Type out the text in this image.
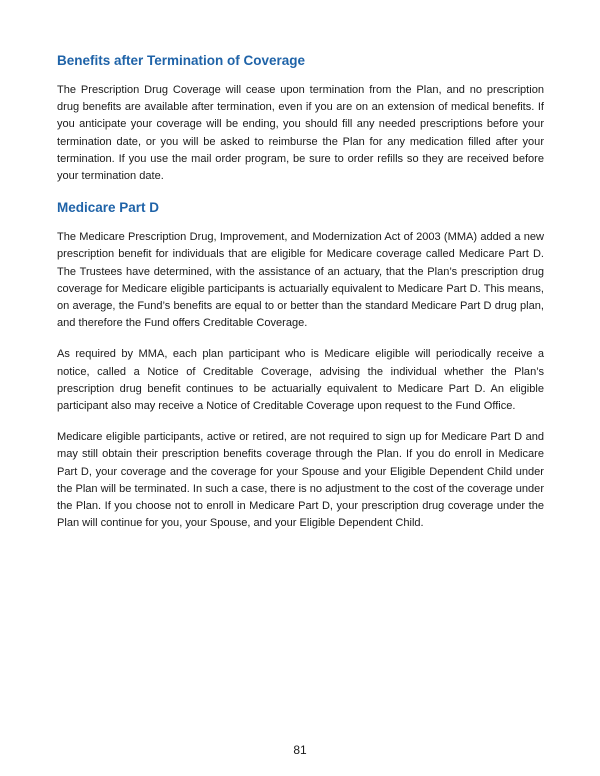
Benefits after Termination of Coverage

The Prescription Drug Coverage will cease upon termination from the Plan, and no prescription drug benefits are available after termination, even if you are on an extension of medical benefits. If you anticipate your coverage will be ending, you should fill any needed prescriptions before your termination date, or you will be asked to reimburse the Plan for any medication filled after your termination. If you use the mail order program, be sure to order refills so they are received before your termination date.

Medicare Part D

The Medicare Prescription Drug, Improvement, and Modernization Act of 2003 (MMA) added a new prescription benefit for individuals that are eligible for Medicare coverage called Medicare Part D. The Trustees have determined, with the assistance of an actuary, that the Plan’s prescription drug coverage for Medicare eligible participants is actuarially equivalent to Medicare Part D. This means, on average, the Fund’s benefits are equal to or better than the standard Medicare Part D drug plan, and therefore the Fund offers Creditable Coverage.

As required by MMA, each plan participant who is Medicare eligible will periodically receive a notice, called a Notice of Creditable Coverage, advising the individual whether the Plan’s prescription drug benefit continues to be actuarially equivalent to Medicare Part D. An eligible participant also may receive a Notice of Creditable Coverage upon request to the Fund Office.

Medicare eligible participants, active or retired, are not required to sign up for Medicare Part D and may still obtain their prescription benefits coverage through the Plan. If you do enroll in Medicare Part D, your coverage and the coverage for your Spouse and your Eligible Dependent Child under the Plan will be terminated. In such a case, there is no adjustment to the cost of the coverage under the Plan. If you choose not to enroll in Medicare Part D, your prescription drug coverage under the Plan will continue for you, your Spouse, and your Eligible Dependent Child.

81
